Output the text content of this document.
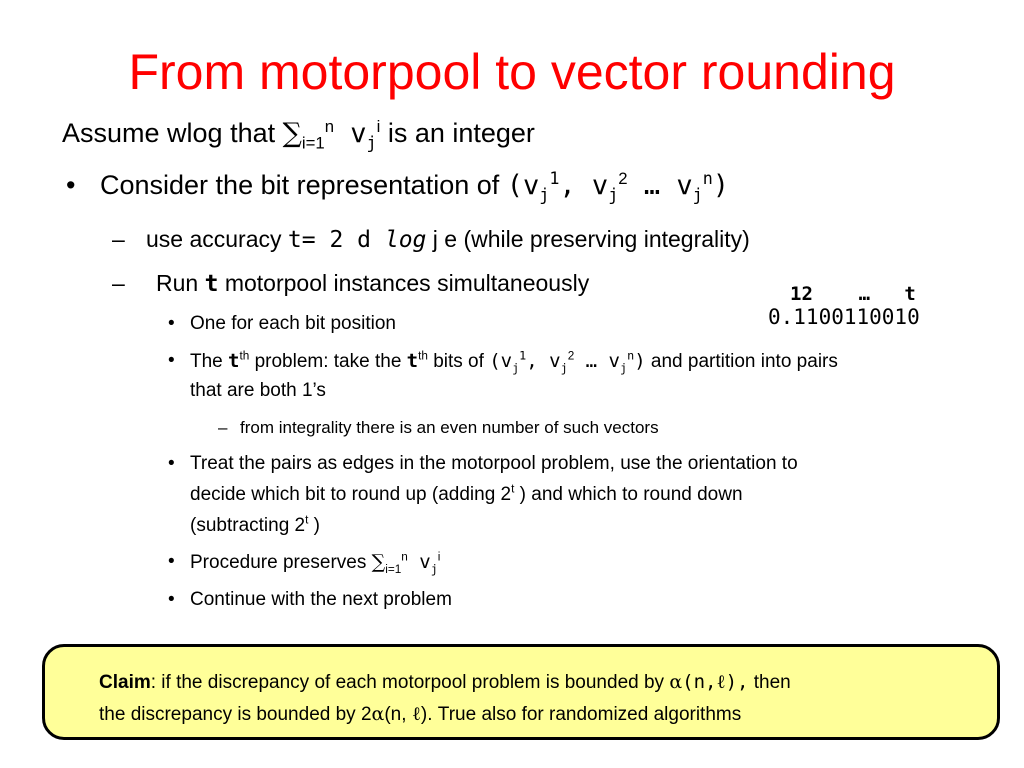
From motorpool to vector rounding
Assume wlog that $\sum_{i=1}^n$ $v_j^i$ is an integer
• Consider the bit representation of ($v_j^1$, $v_j^2$ … $v_j^n$)
– use accuracy t= 2 d log j e (while preserving integrality)
– Run t motorpool instances simultaneously	12    …   t
0.1100110010
• One for each bit position
• The $t^{th}$ problem: take the $t^{th}$ bits of ($v_j^1$, $v_j^2$ … $v_j^n$) and partition into pairs
that are both 1’s
– from integrality there is an even number of such vectors
• Treat the pairs as edges in the motorpool problem, use the orientation to
decide which bit to round up (adding 2$^t$ ) and which to round down
(subtracting 2$^t$ )
• Procedure preserves $\sum_{i=1}^n$ $v_j^i$
• Continue with the next problem
Claim: if the discrepancy of each motorpool problem is bounded by α(n,ℓ), then
the discrepancy is bounded by 2α(n, ℓ). True also for randomized algorithms
